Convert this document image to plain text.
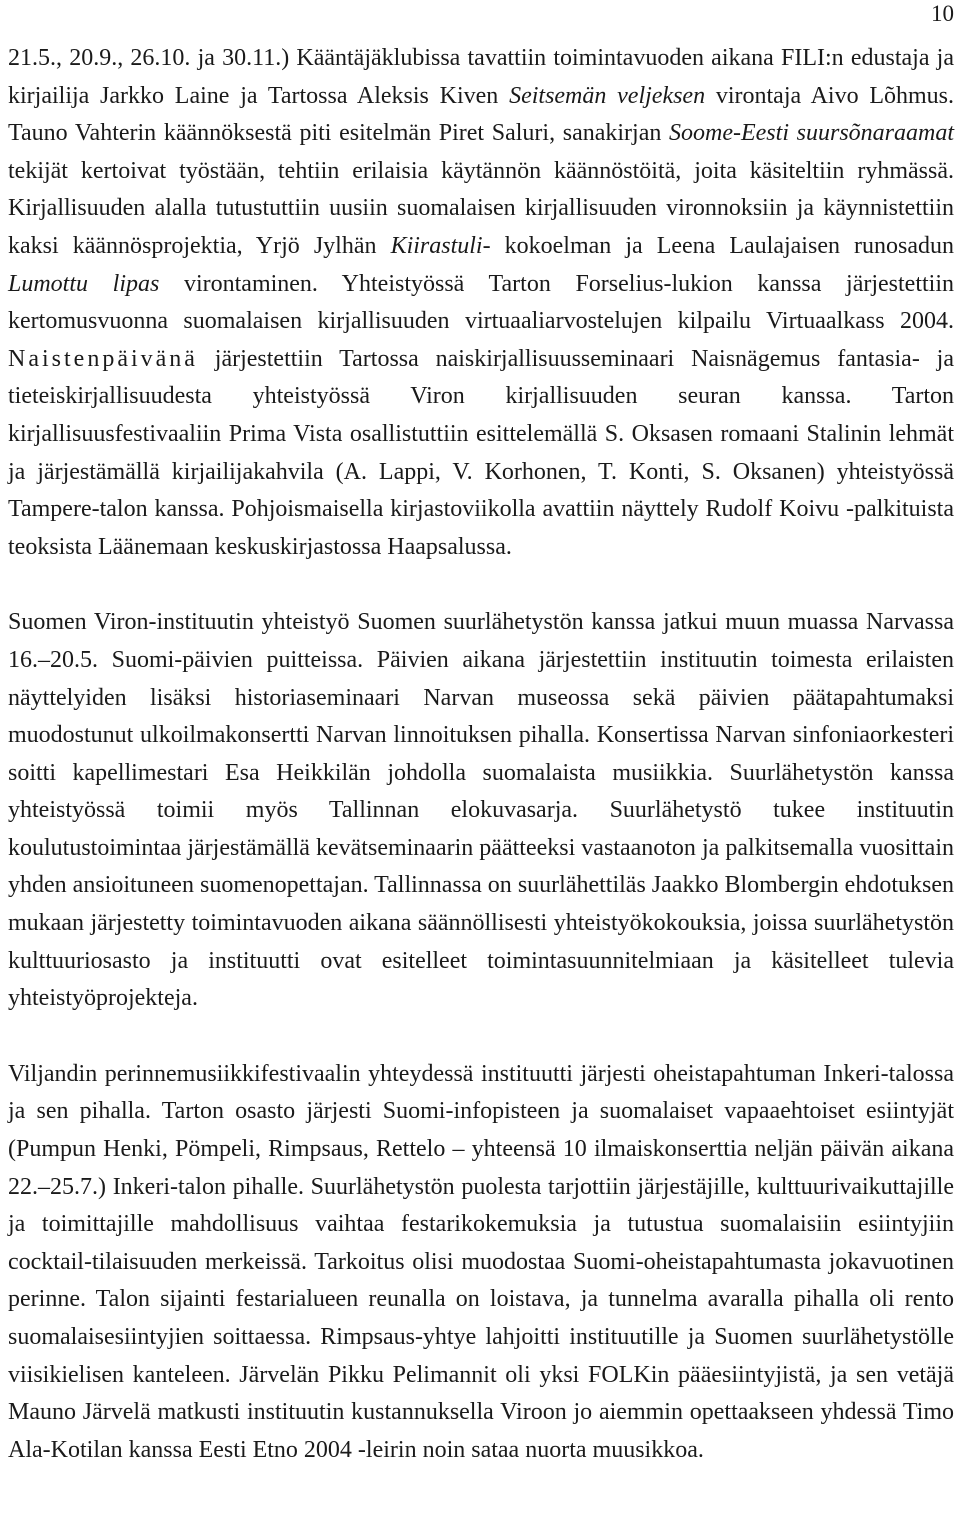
10

21.5., 20.9., 26.10. ja 30.11.) Kääntäjäklubissa tavattiin toimintavuoden aikana FILI:n edustaja ja kirjailija Jarkko Laine ja Tartossa Aleksis Kiven Seitsemän veljeksen virontaja Aivo Lõhmus. Tauno Vahterin käännöksestä piti esitelmän Piret Saluri, sanakirjan Soome-Eesti suursõnaraamat tekijät kertoivat työstään, tehtiin erilaisia käytännön käännöstöitä, joita käsiteltiin ryhmässä. Kirjallisuuden alalla tutustuttiin uusiin suomalaisen kirjallisuuden vironnoksiin ja käynnistettiin kaksi käännösprojektia, Yrjö Jylhän Kiirastuli- kokoelman ja Leena Laulajaisen runosadun Lumottu lipas virontaminen. Yhteistyössä Tarton Forselius-lukion kanssa järjestettiin kertomusvuonna suomalaisen kirjallisuuden virtuaaliarvostelujen kilpailu Virtuaalkass 2004. Naistenpäivänä järjestettiin Tartossa naiskirjallisuusseminaari Naisnägemus fantasia- ja tieteiskirjallisuudesta yhteistyössä Viron kirjallisuuden seuran kanssa. Tarton kirjallisuusfestivaaliin Prima Vista osallistuttiin esittelemällä S. Oksasen romaani Stalinin lehmät ja järjestämällä kirjailijakahvila (A. Lappi, V. Korhonen, T. Konti, S. Oksanen) yhteistyössä Tampere-talon kanssa. Pohjoismaisella kirjastoviikolla avattiin näyttely Rudolf Koivu -palkituista teoksista Läänemaan keskuskirjastossa Haapsalussa.

Suomen Viron-instituutin yhteistyö Suomen suurlähetystön kanssa jatkui muun muassa Narvassa 16.–20.5. Suomi-päivien puitteissa. Päivien aikana järjestettiin instituutin toimesta erilaisten näyttelyiden lisäksi historiaseminaari Narvan museossa sekä päivien päätapahtumaksi muodostunut ulkoilmakonsertti Narvan linnoituksen pihalla. Konsertissa Narvan sinfoniaorkesteri soitti kapellimestari Esa Heikkilän johdolla suomalaista musiikkia. Suurlähetystön kanssa yhteistyössä toimii myös Tallinnan elokuvasarja. Suurlähetystö tukee instituutin koulutustoimintaa järjestämällä kevätseminaarin päätteeksi vastaanoton ja palkitsemalla vuosittain yhden ansioituneen suomenopettajan. Tallinnassa on suurlähettiläs Jaakko Blombergin ehdotuksen mukaan järjestetty toimintavuoden aikana säännöllisesti yhteistyökokouksia, joissa suurlähetystön kulttuuriosasto ja instituutti ovat esitelleet toimintasuunnitelmiaan ja käsitelleet tulevia yhteistyöprojekteja.

Viljandin perinnemusiikkifestivaalin yhteydessä instituutti järjesti oheistapahtuman Inkeri-talossa ja sen pihalla. Tarton osasto järjesti Suomi-infopisteen ja suomalaiset vapaaehtoiset esiintyjät (Pumpun Henki, Pömpeli, Rimpsaus, Rettelo – yhteensä 10 ilmaiskonserttia neljän päivän aikana 22.–25.7.) Inkeri-talon pihalle. Suurlähetystön puolesta tarjottiin järjestäjille, kulttuurivaikuttajille ja toimittajille mahdollisuus vaihtaa festarikokemuksia ja tutustua suomalaisiin esiintyjiin cocktail-tilaisuuden merkeissä. Tarkoitus olisi muodostaa Suomi-oheistapahtumasta jokavuotinen perinne. Talon sijainti festarialueen reunalla on loistava, ja tunnelma avaralla pihalla oli rento suomalaisesiintyjien soittaessa. Rimpsaus-yhtye lahjoitti instituutille ja Suomen suurlähetystölle viisikielisen kanteleen. Järvelän Pikku Pelimannit oli yksi FOLKin pääesiintyjistä, ja sen vetäjä Mauno Järvelä matkusti instituutin kustannuksella Viroon jo aiemmin opettaakseen yhdessä Timo Ala-Kotilan kanssa Eesti Etno 2004 -leirin noin sataa nuorta muusikkoa.
